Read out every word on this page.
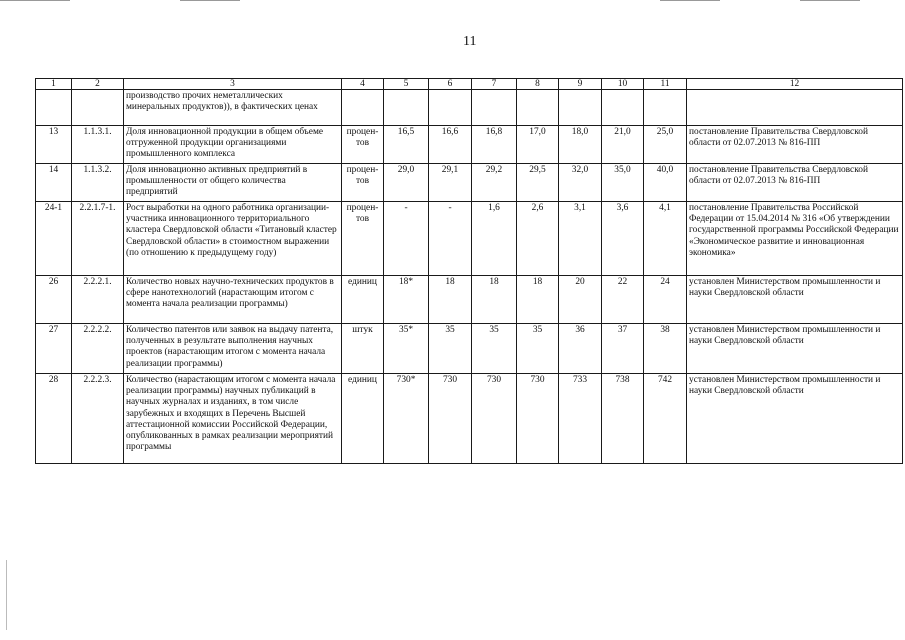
11
1	2	3	4	5	6	7	8	9	10	11	12
		производство прочих неметаллических минеральных продуктов)), в фактических ценах									
13	1.1.3.1.	Доля инновационной продукции в общем объеме отгруженной продукции организациями промышленного комплекса	процен-тов	16,5	16,6	16,8	17,0	18,0	21,0	25,0	постановление Правительства Свердловской области от 02.07.2013 № 816-ПП
14	1.1.3.2.	Доля инновационно активных предприятий в промышленности от общего количества предприятий	процен-тов	29,0	29,1	29,2	29,5	32,0	35,0	40,0	постановление Правительства Свердловской области от 02.07.2013 № 816-ПП
24-1	2.2.1.7-1.	Рост выработки на одного работника организации-участника инновационного территориального кластера Свердловской области «Титановый кластер Свердловской области» в стоимостном выражении (по отношению к предыдущему году)	процен-тов	-	-	1,6	2,6	3,1	3,6	4,1	постановление Правительства Российской Федерации от 15.04.2014 № 316 «Об утверждении государственной программы Российской Федерации «Экономическое развитие и инновационная экономика»
26	2.2.2.1.	Количество новых научно-технических продуктов в сфере нанотехнологий (нарастающим итогом с момента начала реализации программы)	единиц	18*	18	18	18	20	22	24	установлен Министерством промышленности и науки Свердловской области
27	2.2.2.2.	Количество патентов или заявок на выдачу патента, полученных в результате выполнения научных проектов (нарастающим итогом с момента начала реализации программы)	штук	35*	35	35	35	36	37	38	установлен Министерством промышленности и науки Свердловской области
28	2.2.2.3.	Количество (нарастающим итогом с момента начала реализации программы) научных публикаций в научных журналах и изданиях, в том числе зарубежных и входящих в Перечень Высшей аттестационной комиссии Российской Федерации, опубликованных в рамках реализации мероприятий программы	единиц	730*	730	730	730	733	738	742	установлен Министерством промышленности и науки Свердловской области
